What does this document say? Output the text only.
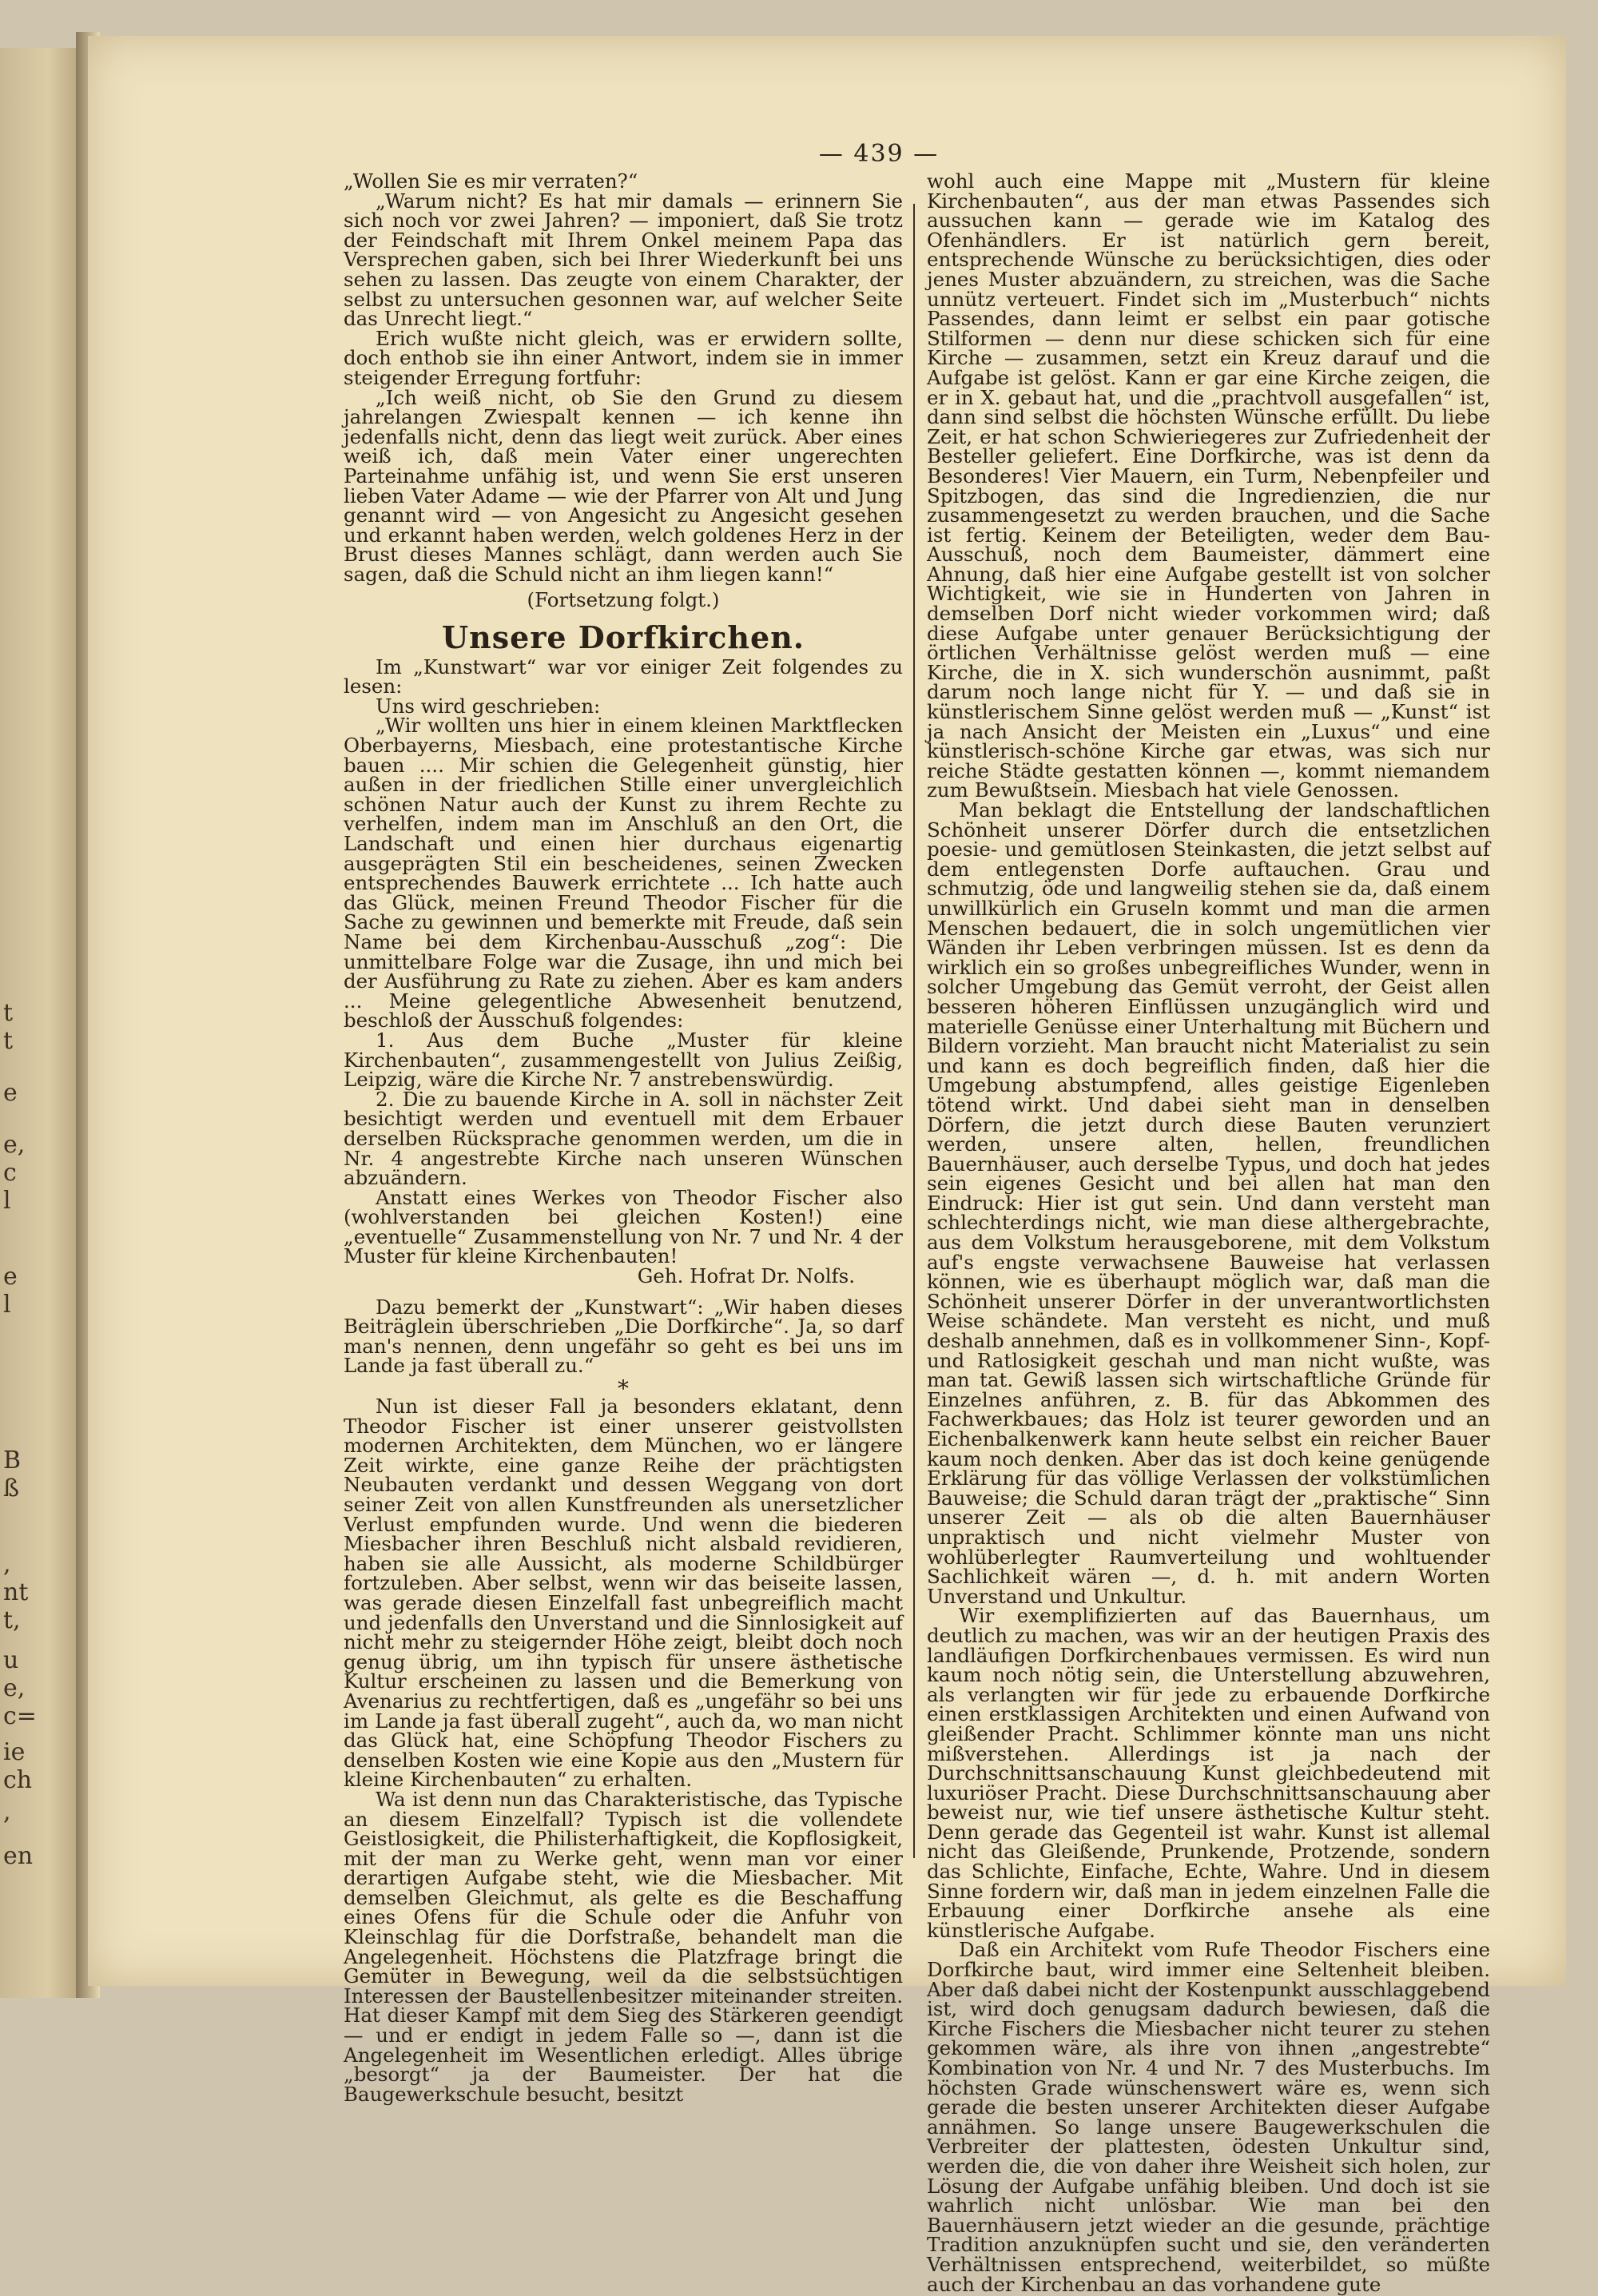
t
t
e
e,
c
l
e
l
B
ß
,
nt
t,
u
e,
c=
ie
ch
,
en
— 439 —

„Wollen Sie es mir verraten?“

„Warum nicht? Es hat mir damals — erinnern Sie sich noch vor zwei Jahren? — imponiert, daß Sie trotz der Feindschaft mit Ihrem Onkel meinem Papa das Versprechen gaben, sich bei Ihrer Wiederkunft bei uns sehen zu lassen. Das zeugte von einem Charakter, der selbst zu untersuchen gesonnen war, auf welcher Seite das Unrecht liegt.“

Erich wußte nicht gleich, was er erwidern sollte, doch enthob sie ihn einer Antwort, indem sie in immer steigender Erregung fortfuhr:

„Ich weiß nicht, ob Sie den Grund zu diesem jahrelangen Zwiespalt kennen — ich kenne ihn jedenfalls nicht, denn das liegt weit zurück. Aber eines weiß ich, daß mein Vater einer ungerechten Parteinahme unfähig ist, und wenn Sie erst unseren lieben Vater Adame — wie der Pfarrer von Alt und Jung genannt wird — von Angesicht zu Angesicht gesehen und erkannt haben werden, welch goldenes Herz in der Brust dieses Mannes schlägt, dann werden auch Sie sagen, daß die Schuld nicht an ihm liegen kann!“

(Fortsetzung folgt.)

Unsere Dorfkirchen.

Im „Kunstwart“ war vor einiger Zeit folgendes zu lesen:

Uns wird geschrieben:

„Wir wollten uns hier in einem kleinen Marktflecken Oberbayerns, Miesbach, eine protestantische Kirche bauen .... Mir schien die Gelegenheit günstig, hier außen in der friedlichen Stille einer unvergleichlich schönen Natur auch der Kunst zu ihrem Rechte zu verhelfen, indem man im Anschluß an den Ort, die Landschaft und einen hier durchaus eigenartig ausgeprägten Stil ein bescheidenes, seinen Zwecken entsprechendes Bauwerk errichtete ... Ich hatte auch das Glück, meinen Freund Theodor Fischer für die Sache zu gewinnen und bemerkte mit Freude, daß sein Name bei dem Kirchenbau-Ausschuß „zog“: Die unmittelbare Folge war die Zusage, ihn und mich bei der Ausführung zu Rate zu ziehen. Aber es kam anders ... Meine gelegentliche Abwesenheit benutzend, beschloß der Ausschuß folgendes:

1. Aus dem Buche „Muster für kleine Kirchenbauten“, zusammengestellt von Julius Zeißig, Leipzig, wäre die Kirche Nr. 7 anstrebenswürdig.

2. Die zu bauende Kirche in A. soll in nächster Zeit besichtigt werden und eventuell mit dem Erbauer derselben Rücksprache genommen werden, um die in Nr. 4 angestrebte Kirche nach unseren Wünschen abzuändern.

Anstatt eines Werkes von Theodor Fischer also (wohlverstanden bei gleichen Kosten!) eine „eventuelle“ Zusammenstellung von Nr. 7 und Nr. 4 der Muster für kleine Kirchenbauten!

Geh. Hofrat Dr. Nolfs.

Dazu bemerkt der „Kunstwart“: „Wir haben dieses Beiträglein überschrieben „Die Dorfkirche“. Ja, so darf man's nennen, denn ungefähr so geht es bei uns im Lande ja fast überall zu.“

*

Nun ist dieser Fall ja besonders eklatant, denn Theodor Fischer ist einer unserer geistvollsten modernen Architekten, dem München, wo er längere Zeit wirkte, eine ganze Reihe der prächtigsten Neubauten verdankt und dessen Weggang von dort seiner Zeit von allen Kunstfreunden als unersetzlicher Verlust empfunden wurde. Und wenn die biederen Miesbacher ihren Beschluß nicht alsbald revidieren, haben sie alle Aussicht, als moderne Schildbürger fortzuleben. Aber selbst, wenn wir das beiseite lassen, was gerade diesen Einzelfall fast unbegreiflich macht und jedenfalls den Unverstand und die Sinnlosigkeit auf nicht mehr zu steigernder Höhe zeigt, bleibt doch noch genug übrig, um ihn typisch für unsere ästhetische Kultur erscheinen zu lassen und die Bemerkung von Avenarius zu rechtfertigen, daß es „ungefähr so bei uns im Lande ja fast überall zugeht“, auch da, wo man nicht das Glück hat, eine Schöpfung Theodor Fischers zu denselben Kosten wie eine Kopie aus den „Mustern für kleine Kirchenbauten“ zu erhalten.

Wa ist denn nun das Charakteristische, das Typische an diesem Einzelfall? Typisch ist die vollendete Geistlosigkeit, die Philisterhaftigkeit, die Kopflosigkeit, mit der man zu Werke geht, wenn man vor einer derartigen Aufgabe steht, wie die Miesbacher. Mit demselben Gleichmut, als gelte es die Beschaffung eines Ofens für die Schule oder die Anfuhr von Kleinschlag für die Dorfstraße, behandelt man die Angelegenheit. Höchstens die Platzfrage bringt die Gemüter in Bewegung, weil da die selbstsüchtigen Interessen der Baustellenbesitzer miteinander streiten. Hat dieser Kampf mit dem Sieg des Stärkeren geendigt — und er endigt in jedem Falle so —, dann ist die Angelegenheit im Wesentlichen erledigt. Alles übrige „besorgt“ ja der Baumeister. Der hat die Baugewerkschule besucht, besitzt

wohl auch eine Mappe mit „Mustern für kleine Kirchenbauten“, aus der man etwas Passendes sich aussuchen kann — gerade wie im Katalog des Ofenhändlers. Er ist natürlich gern bereit, entsprechende Wünsche zu berücksichtigen, dies oder jenes Muster abzuändern, zu streichen, was die Sache unnütz verteuert. Findet sich im „Musterbuch“ nichts Passendes, dann leimt er selbst ein paar gotische Stilformen — denn nur diese schicken sich für eine Kirche — zusammen, setzt ein Kreuz darauf und die Aufgabe ist gelöst. Kann er gar eine Kirche zeigen, die er in X. gebaut hat, und die „prachtvoll ausgefallen“ ist, dann sind selbst die höchsten Wünsche erfüllt. Du liebe Zeit, er hat schon Schwieriegeres zur Zufriedenheit der Besteller geliefert. Eine Dorfkirche, was ist denn da Besonderes! Vier Mauern, ein Turm, Nebenpfeiler und Spitzbogen, das sind die Ingredienzien, die nur zusammengesetzt zu werden brauchen, und die Sache ist fertig. Keinem der Beteiligten, weder dem Bau-Ausschuß, noch dem Baumeister, dämmert eine Ahnung, daß hier eine Aufgabe gestellt ist von solcher Wichtigkeit, wie sie in Hunderten von Jahren in demselben Dorf nicht wieder vorkommen wird; daß diese Aufgabe unter genauer Berücksichtigung der örtlichen Verhältnisse gelöst werden muß — eine Kirche, die in X. sich wunderschön ausnimmt, paßt darum noch lange nicht für Y. — und daß sie in künstlerischem Sinne gelöst werden muß — „Kunst“ ist ja nach Ansicht der Meisten ein „Luxus“ und eine künstlerisch-schöne Kirche gar etwas, was sich nur reiche Städte gestatten können —, kommt niemandem zum Bewußtsein. Miesbach hat viele Genossen.

Man beklagt die Entstellung der landschaftlichen Schönheit unserer Dörfer durch die entsetzlichen poesie- und gemütlosen Steinkasten, die jetzt selbst auf dem entlegensten Dorfe auftauchen. Grau und schmutzig, öde und langweilig stehen sie da, daß einem unwillkürlich ein Gruseln kommt und man die armen Menschen bedauert, die in solch ungemütlichen vier Wänden ihr Leben verbringen müssen. Ist es denn da wirklich ein so großes unbegreifliches Wunder, wenn in solcher Umgebung das Gemüt verroht, der Geist allen besseren höheren Einflüssen unzugänglich wird und materielle Genüsse einer Unterhaltung mit Büchern und Bildern vorzieht. Man braucht nicht Materialist zu sein und kann es doch begreiflich finden, daß hier die Umgebung abstumpfend, alles geistige Eigenleben tötend wirkt. Und dabei sieht man in denselben Dörfern, die jetzt durch diese Bauten verunziert werden, unsere alten, hellen, freundlichen Bauernhäuser, auch derselbe Typus, und doch hat jedes sein eigenes Gesicht und bei allen hat man den Eindruck: Hier ist gut sein. Und dann versteht man schlechterdings nicht, wie man diese althergebrachte, aus dem Volkstum herausgeborene, mit dem Volkstum auf's engste verwachsene Bauweise hat verlassen können, wie es überhaupt möglich war, daß man die Schönheit unserer Dörfer in der unverantwortlichsten Weise schändete. Man versteht es nicht, und muß deshalb annehmen, daß es in vollkommener Sinn-, Kopf- und Ratlosigkeit geschah und man nicht wußte, was man tat. Gewiß lassen sich wirtschaftliche Gründe für Einzelnes anführen, z. B. für das Abkommen des Fachwerkbaues; das Holz ist teurer geworden und an Eichenbalkenwerk kann heute selbst ein reicher Bauer kaum noch denken. Aber das ist doch keine genügende Erklärung für das völlige Verlassen der volkstümlichen Bauweise; die Schuld daran trägt der „praktische“ Sinn unserer Zeit — als ob die alten Bauernhäuser unpraktisch und nicht vielmehr Muster von wohlüberlegter Raumverteilung und wohltuender Sachlichkeit wären —, d. h. mit andern Worten Unverstand und Unkultur.

Wir exemplifizierten auf das Bauernhaus, um deutlich zu machen, was wir an der heutigen Praxis des landläufigen Dorfkirchenbaues vermissen. Es wird nun kaum noch nötig sein, die Unterstellung abzuwehren, als verlangten wir für jede zu erbauende Dorfkirche einen erstklassigen Architekten und einen Aufwand von gleißender Pracht. Schlimmer könnte man uns nicht mißverstehen. Allerdings ist ja nach der Durchschnittsanschauung Kunst gleichbedeutend mit luxuriöser Pracht. Diese Durchschnittsanschauung aber beweist nur, wie tief unsere ästhetische Kultur steht. Denn gerade das Gegenteil ist wahr. Kunst ist allemal nicht das Gleißende, Prunkende, Protzende, sondern das Schlichte, Einfache, Echte, Wahre. Und in diesem Sinne fordern wir, daß man in jedem einzelnen Falle die Erbauung einer Dorfkirche ansehe als eine künstlerische Aufgabe.

Daß ein Architekt vom Rufe Theodor Fischers eine Dorfkirche baut, wird immer eine Seltenheit bleiben. Aber daß dabei nicht der Kostenpunkt ausschlaggebend ist, wird doch genugsam dadurch bewiesen, daß die Kirche Fischers die Miesbacher nicht teurer zu stehen gekommen wäre, als ihre von ihnen „angestrebte“ Kombination von Nr. 4 und Nr. 7 des Musterbuchs. Im höchsten Grade wünschenswert wäre es, wenn sich gerade die besten unserer Architekten dieser Aufgabe annähmen. So lange unsere Baugewerkschulen die Verbreiter der plattesten, ödesten Unkultur sind, werden die, die von daher ihre Weisheit sich holen, zur Lösung der Aufgabe unfähig bleiben. Und doch ist sie wahrlich nicht unlösbar. Wie man bei den Bauernhäusern jetzt wieder an die gesunde, prächtige Tradition anzuknüpfen sucht und sie, den veränderten Verhältnissen entsprechend, weiterbildet, so müßte auch der Kirchenbau an das vorhandene gute
